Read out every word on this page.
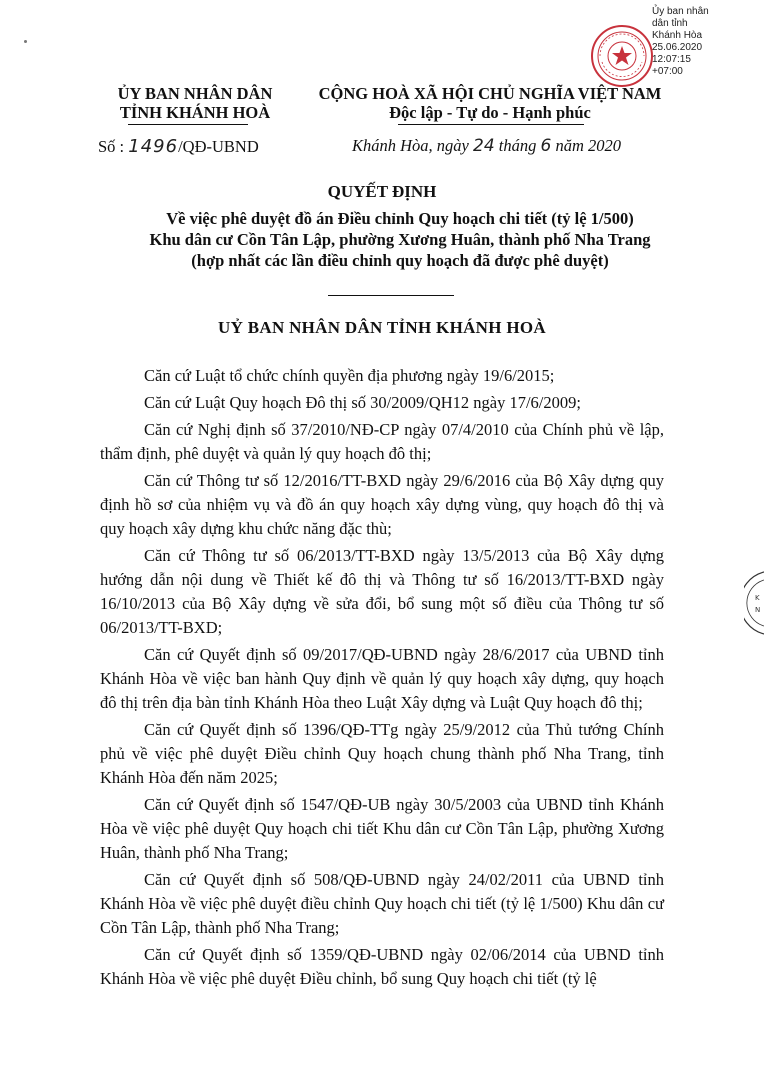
Ủy ban nhân
dân tỉnh
Khánh Hòa
25.06.2020
12:07:15
+07:00
ỦY BAN NHÂN DÂN
TỈNH KHÁNH HOÀ
CỘNG HOÀ XÃ HỘI CHỦ NGHĨA VIỆT NAM
Độc lập - Tự do - Hạnh phúc
Số : 1496/QĐ-UBND	Khánh Hòa, ngày 24 tháng 6 năm 2020
QUYẾT ĐỊNH
Về việc phê duyệt đồ án Điều chỉnh Quy hoạch chi tiết (tỷ lệ 1/500)
Khu dân cư Cồn Tân Lập, phường Xương Huân, thành phố Nha Trang
(hợp nhất các lần điều chỉnh quy hoạch đã được phê duyệt)
UỶ BAN NHÂN DÂN TỈNH KHÁNH HOÀ

Căn cứ Luật tổ chức chính quyền địa phương ngày 19/6/2015;

Căn cứ Luật Quy hoạch Đô thị số 30/2009/QH12 ngày 17/6/2009;

Căn cứ Nghị định số 37/2010/NĐ-CP ngày 07/4/2010 của Chính phủ về lập, thẩm định, phê duyệt và quản lý quy hoạch đô thị;

Căn cứ Thông tư số 12/2016/TT-BXD ngày 29/6/2016 của Bộ Xây dựng quy định hồ sơ của nhiệm vụ và đồ án quy hoạch xây dựng vùng, quy hoạch đô thị và quy hoạch xây dựng khu chức năng đặc thù;

Căn cứ Thông tư số 06/2013/TT-BXD ngày 13/5/2013 của Bộ Xây dựng hướng dẫn nội dung về Thiết kế đô thị và Thông tư số 16/2013/TT-BXD ngày 16/10/2013 của Bộ Xây dựng về sửa đổi, bổ sung một số điều của Thông tư số 06/2013/TT-BXD;

Căn cứ Quyết định số 09/2017/QĐ-UBND ngày 28/6/2017 của UBND tỉnh Khánh Hòa về việc ban hành Quy định về quản lý quy hoạch xây dựng, quy hoạch đô thị trên địa bàn tỉnh Khánh Hòa theo Luật Xây dựng và Luật Quy hoạch đô thị;

Căn cứ Quyết định số 1396/QĐ-TTg ngày 25/9/2012 của Thủ tướng Chính phủ về việc phê duyệt Điều chỉnh Quy hoạch chung thành phố Nha Trang, tỉnh Khánh Hòa đến năm 2025;

Căn cứ Quyết định số 1547/QĐ-UB ngày 30/5/2003 của UBND tỉnh Khánh Hòa về việc phê duyệt Quy hoạch chi tiết Khu dân cư Cồn Tân Lập, phường Xương Huân, thành phố Nha Trang;

Căn cứ Quyết định số 508/QĐ-UBND ngày 24/02/2011 của UBND tỉnh Khánh Hòa về việc phê duyệt điều chỉnh Quy hoạch chi tiết (tỷ lệ 1/500) Khu dân cư Cồn Tân Lập, thành phố Nha Trang;

Căn cứ Quyết định số 1359/QĐ-UBND ngày 02/06/2014 của UBND tỉnh Khánh Hòa về việc phê duyệt Điều chỉnh, bổ sung Quy hoạch chi tiết (tỷ lệ

K
N
